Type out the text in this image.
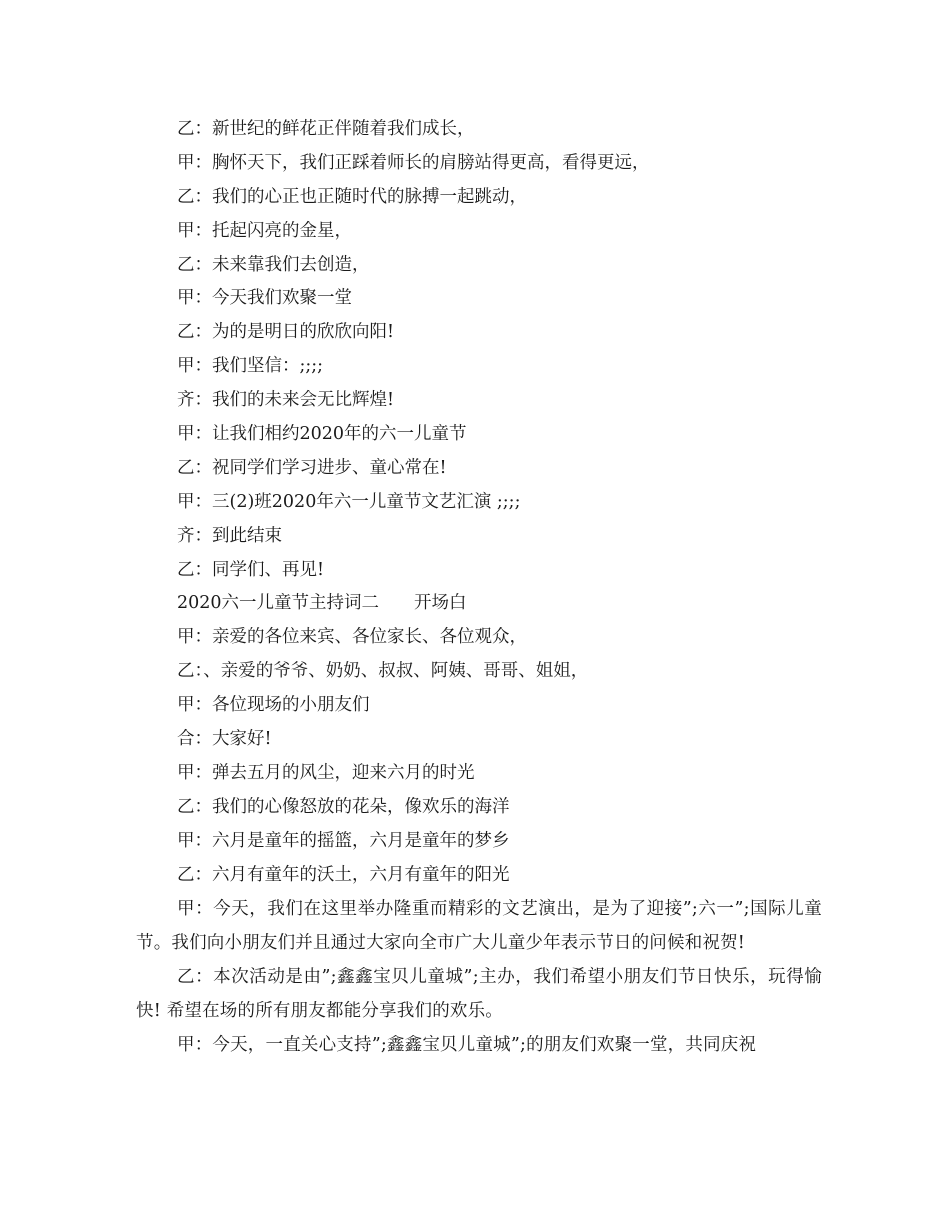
乙：新世纪的鲜花正伴随着我们成长，
甲：胸怀天下，我们正踩着师长的肩膀站得更高，看得更远，
乙：我们的心正也正随时代的脉搏一起跳动，
甲：托起闪亮的金星，
乙：未来靠我们去创造，
甲：今天我们欢聚一堂
乙：为的是明日的欣欣向阳!
甲：我们坚信：;;;;
齐：我们的未来会无比辉煌!
甲：让我们相约2020年的六一儿童节
乙：祝同学们学习进步、童心常在!
甲：三(2)班2020年六一儿童节文艺汇演 ;;;;
齐：到此结束
乙：同学们、再见!
2020六一儿童节主持词二　　开场白
甲：亲爱的各位来宾、各位家长、各位观众，
乙：、亲爱的爷爷、奶奶、叔叔、阿姨、哥哥、姐姐，
甲：各位现场的小朋友们
合：大家好!
甲：弹去五月的风尘，迎来六月的时光
乙：我们的心像怒放的花朵，像欢乐的海洋
甲：六月是童年的摇篮，六月是童年的梦乡
乙：六月有童年的沃土，六月有童年的阳光
甲：今天，我们在这里举办隆重而精彩的文艺演出，是为了迎接”;六一”;国际儿童节。我们向小朋友们并且通过大家向全市广大儿童少年表示节日的问候和祝贺!
乙：本次活动是由”;鑫鑫宝贝儿童城”;主办，我们希望小朋友们节日快乐，玩得愉快! 希望在场的所有朋友都能分享我们的欢乐。
甲：今天，一直关心支持”;鑫鑫宝贝儿童城”;的朋友们欢聚一堂，共同庆祝
